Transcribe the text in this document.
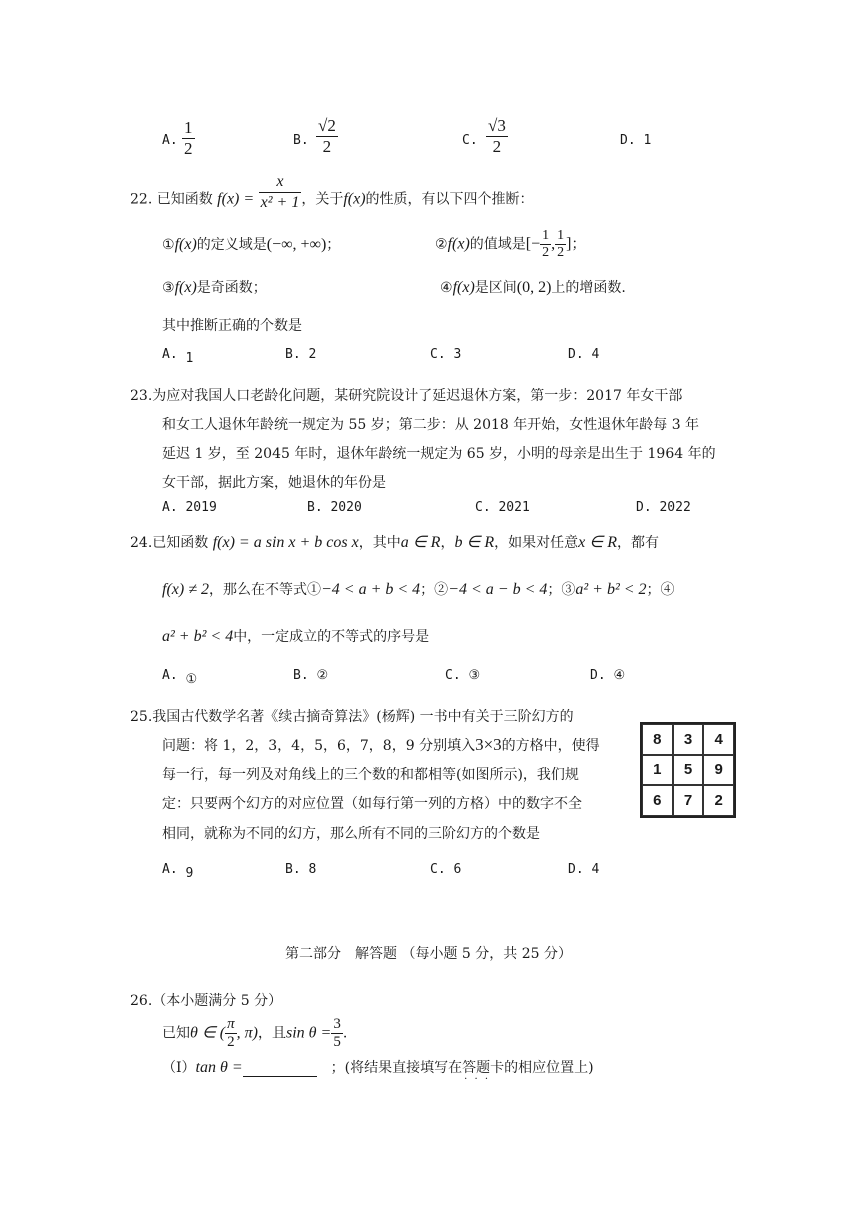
A. $\frac{1}{2}$	B. $\frac{√2}{2}$	C. $\frac{√3}{2}$	D. 1
22. 已知函数 $f(x) = \frac{x}{\text{x² + 1}}$ ，关于f(x)的性质，有以下四个推断：
①f(x)的定义域是(−∞, +∞)；	②f(x)的值域是[− $\frac{1}{2}$ , $\frac{1}{2}$ ]；
③f(x)是奇函数；	④f(x)是区间(0, 2)上的增函数.
其中推断正确的个数是
A. 1	B. 2	C. 3	D. 4
23.为应对我国人口老龄化问题，某研究院设计了延迟退休方案，第一步：2017 年女干部
和女工人退休年龄统一规定为 55 岁；第二步：从 2018 年开始，女性退休年龄每 3 年
延迟 1 岁，至 2045 年时，退休年龄统一规定为 65 岁，小明的母亲是出生于 1964 年的
女干部，据此方案，她退休的年份是
A. 2019	B. 2020	C. 2021	D. 2022
24.已知函数 f(x) = a sin x + b cos x，其中a ∈ R，b ∈ R，如果对任意x ∈ R，都有
f(x) ≠ 2，那么在不等式①−4 < a + b < 4；②−4 < a − b < 4；③a² + b² < 2；④
a² + b² < 4中，一定成立的不等式的序号是
A. ①	B. ②	C. ③	D. ④
25.我国古代数学名著《续古摘奇算法》(杨辉) 一书中有关于三阶幻方的
问题：将 1，2，3，4，5，6，7，8，9 分别填入3×3的方格中，使得
每一行，每一列及对角线上的三个数的和都相等(如图所示)，我们规
定：只要两个幻方的对应位置（如每行第一列的方格）中的数字不全
相同，就称为不同的幻方，那么所有不同的三阶幻方的个数是
8	3	4
1	5	9
6	7	2
A. 9	B. 8	C. 6	D. 4
第二部分　解答题 （每小题 5 分，共 25 分）
26.（本小题满分 5 分）
已知θ ∈ ( $\frac{\pi}{2}$ , π)，且$\sin \theta = \frac{3}{5}$ .
（Ⅰ）tan θ =　	；(将结果直接填写在答题卡 · · ·的相应位置上)
